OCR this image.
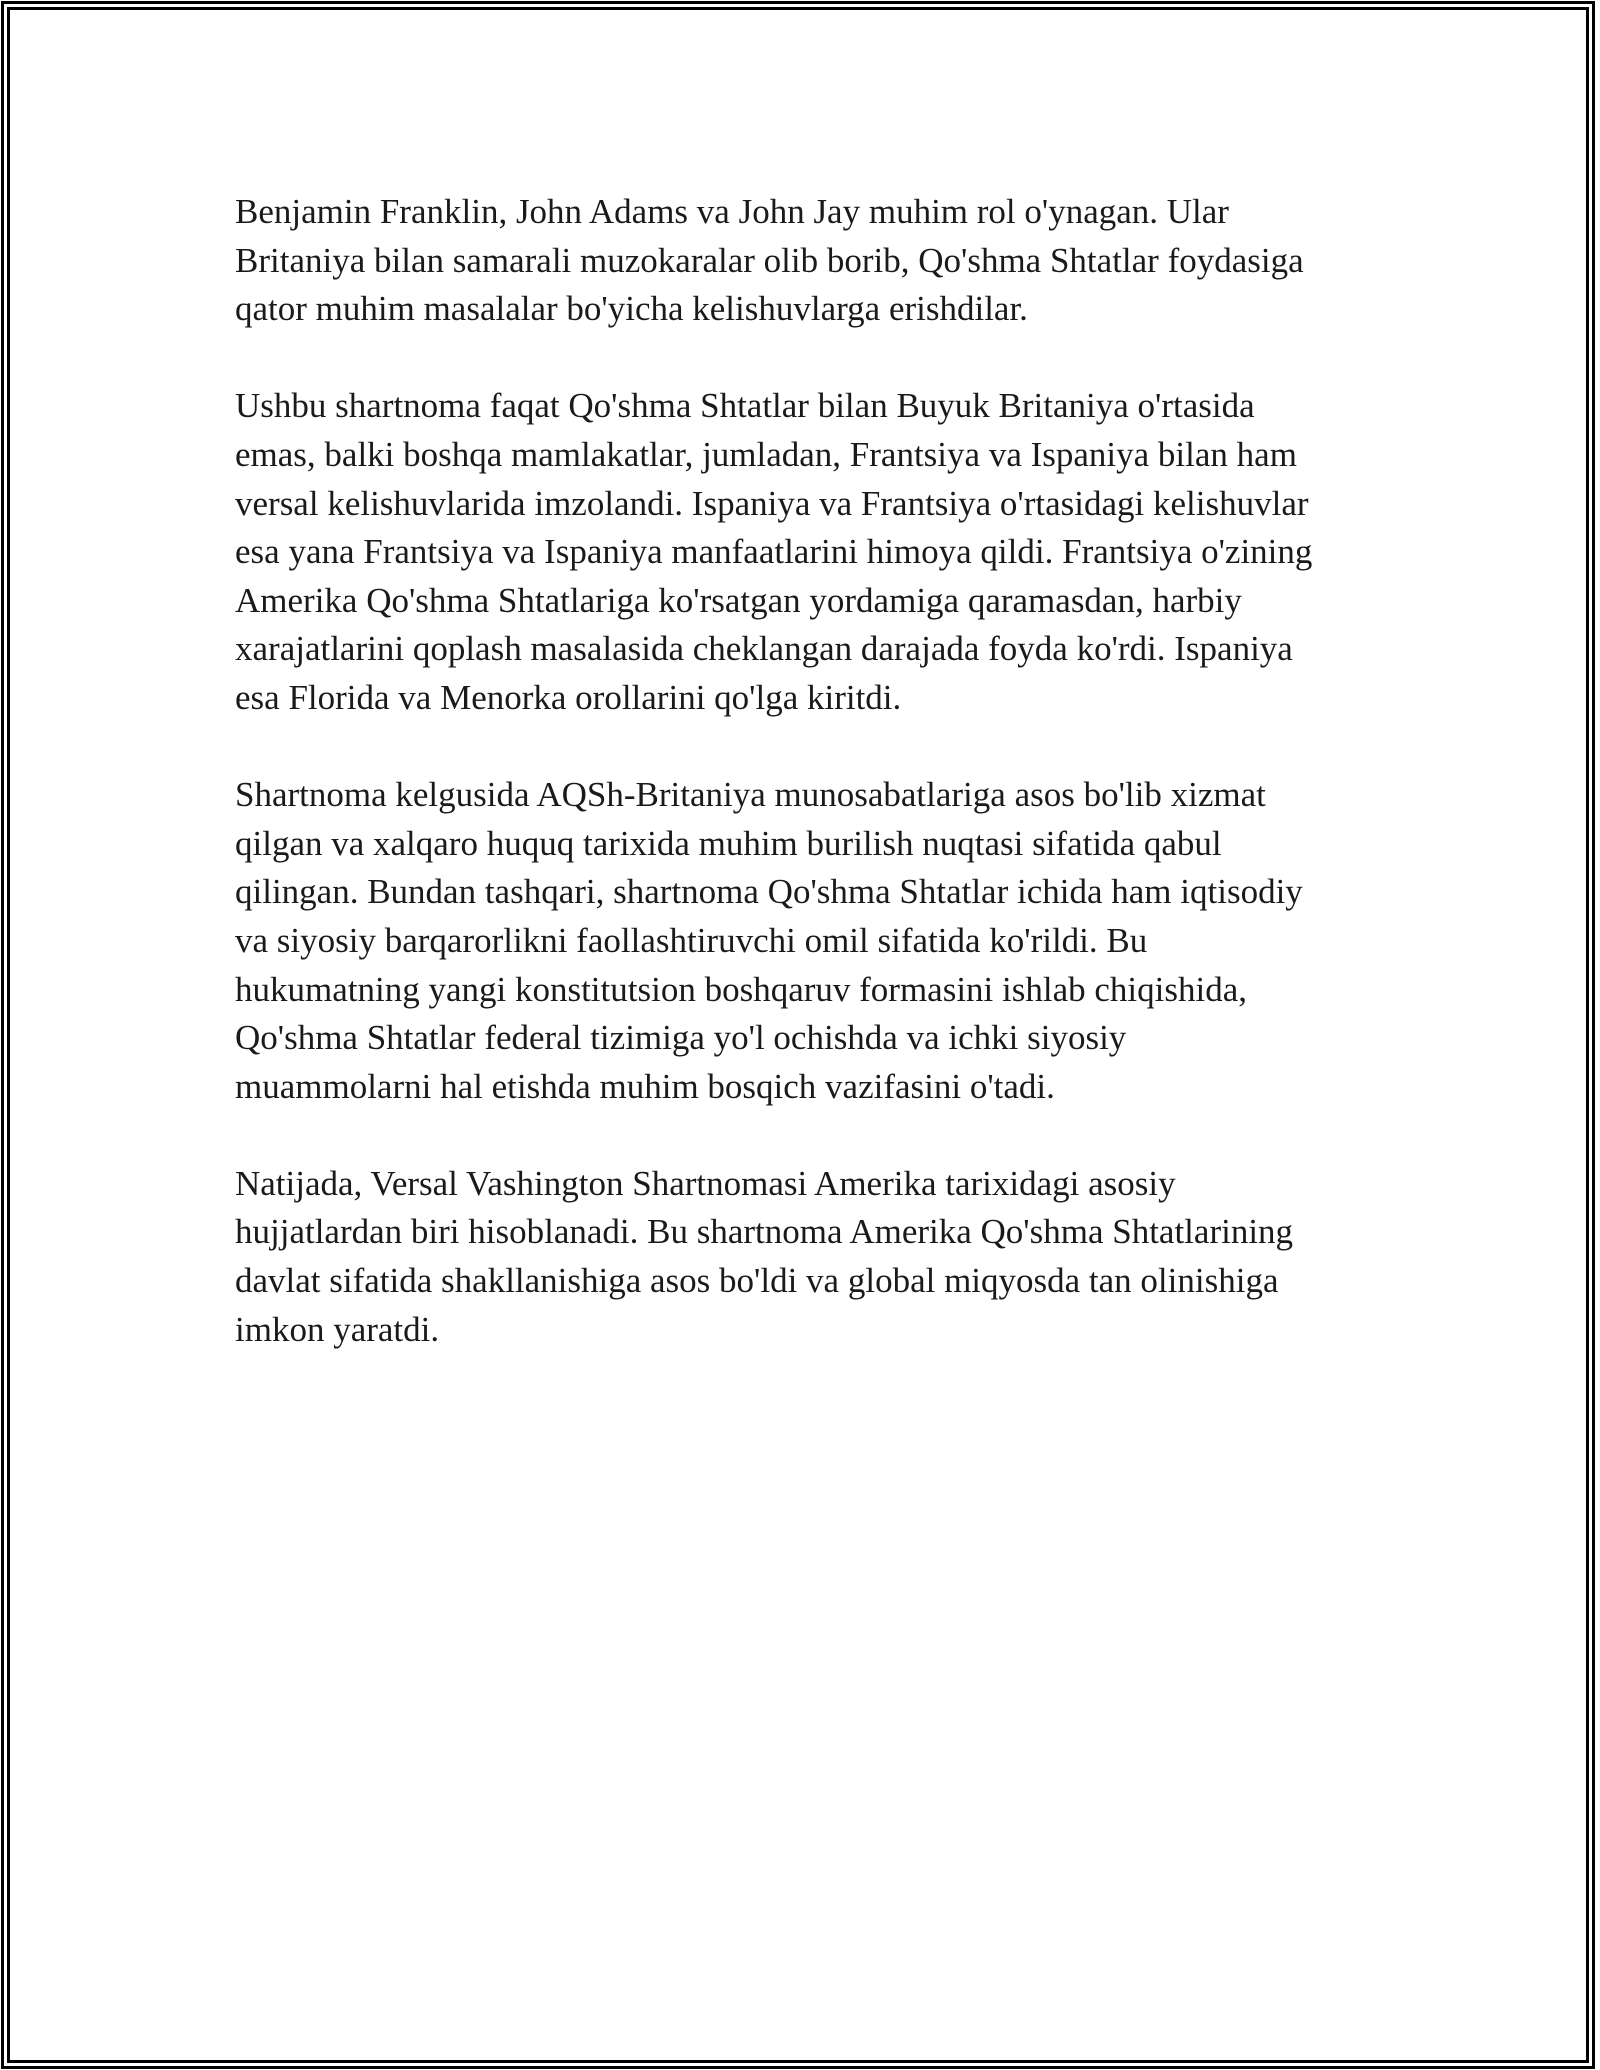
Benjamin Franklin, John Adams va John Jay muhim rol o'ynagan. Ular
Britaniya bilan samarali muzokaralar olib borib, Qo'shma Shtatlar foydasiga
qator muhim masalalar bo'yicha kelishuvlarga erishdilar.

Ushbu shartnoma faqat Qo'shma Shtatlar bilan Buyuk Britaniya o'rtasida
emas, balki boshqa mamlakatlar, jumladan, Frantsiya va Ispaniya bilan ham
versal kelishuvlarida imzolandi. Ispaniya va Frantsiya o'rtasidagi kelishuvlar
esa yana Frantsiya va Ispaniya manfaatlarini himoya qildi. Frantsiya o'zining
Amerika Qo'shma Shtatlariga ko'rsatgan yordamiga qaramasdan, harbiy
xarajatlarini qoplash masalasida cheklangan darajada foyda ko'rdi. Ispaniya
esa Florida va Menorka orollarini qo'lga kiritdi.

Shartnoma kelgusida AQSh-Britaniya munosabatlariga asos bo'lib xizmat
qilgan va xalqaro huquq tarixida muhim burilish nuqtasi sifatida qabul
qilingan. Bundan tashqari, shartnoma Qo'shma Shtatlar ichida ham iqtisodiy
va siyosiy barqarorlikni faollashtiruvchi omil sifatida ko'rildi. Bu
hukumatning yangi konstitutsion boshqaruv formasini ishlab chiqishida,
Qo'shma Shtatlar federal tizimiga yo'l ochishda va ichki siyosiy
muammolarni hal etishda muhim bosqich vazifasini o'tadi.

Natijada, Versal Vashington Shartnomasi Amerika tarixidagi asosiy
hujjatlardan biri hisoblanadi. Bu shartnoma Amerika Qo'shma Shtatlarining
davlat sifatida shakllanishiga asos bo'ldi va global miqyosda tan olinishiga
imkon yaratdi.
